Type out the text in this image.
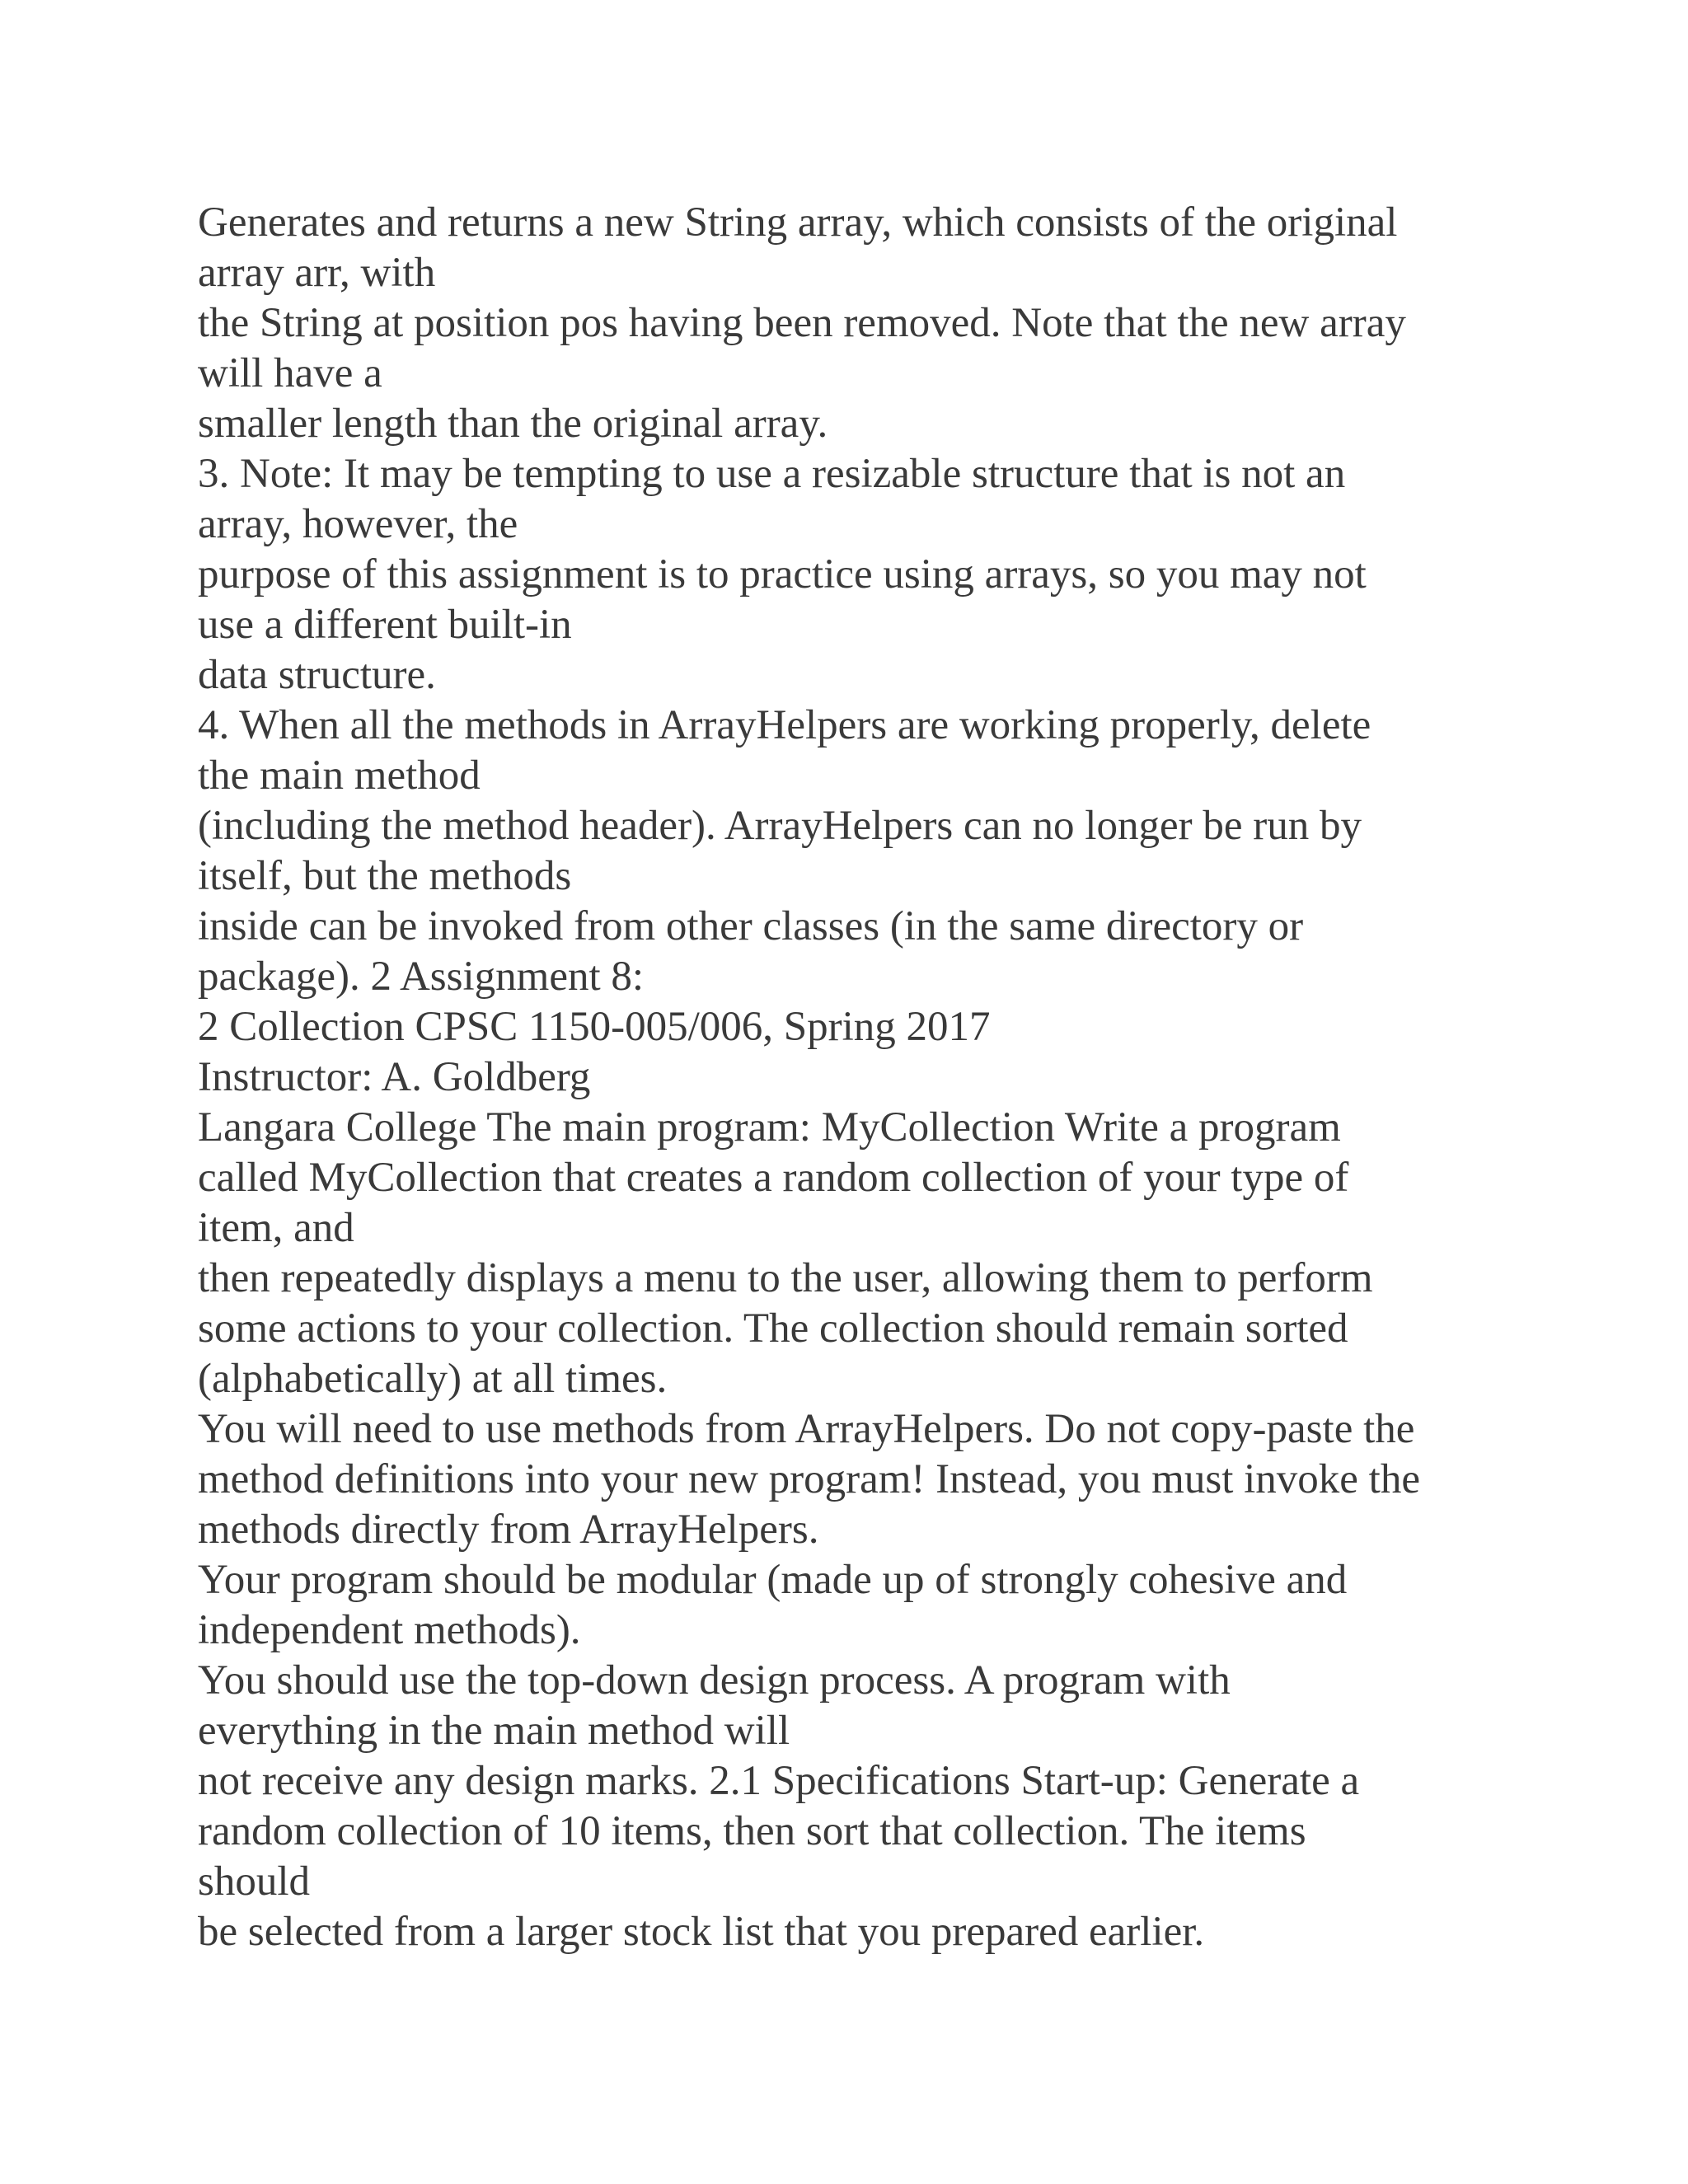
Generates and returns a new String array, which consists of the original
array arr, with
the String at position pos having been removed. Note that the new array
will have a
smaller length than the original array.
3. Note: It may be tempting to use a resizable structure that is not an
array, however, the
purpose of this assignment is to practice using arrays, so you may not
use a different built-in
data structure.
4. When all the methods in ArrayHelpers are working properly, delete
the main method
(including the method header). ArrayHelpers can no longer be run by
itself, but the methods
inside can be invoked from other classes (in the same directory or
package). 2 Assignment 8:
2 Collection CPSC 1150-005/006, Spring 2017
Instructor: A. Goldberg
Langara College The main program: MyCollection Write a program
called MyCollection that creates a random collection of your type of
item, and
then repeatedly displays a menu to the user, allowing them to perform
some actions to your collection. The collection should remain sorted
(alphabetically) at all times.
You will need to use methods from ArrayHelpers. Do not copy-paste the
method definitions into your new program! Instead, you must invoke the
methods directly from ArrayHelpers.
Your program should be modular (made up of strongly cohesive and
independent methods).
You should use the top-down design process. A program with
everything in the main method will
not receive any design marks. 2.1 Specifications Start-up: Generate a
random collection of 10 items, then sort that collection. The items
should
be selected from a larger stock list that you prepared earlier.
